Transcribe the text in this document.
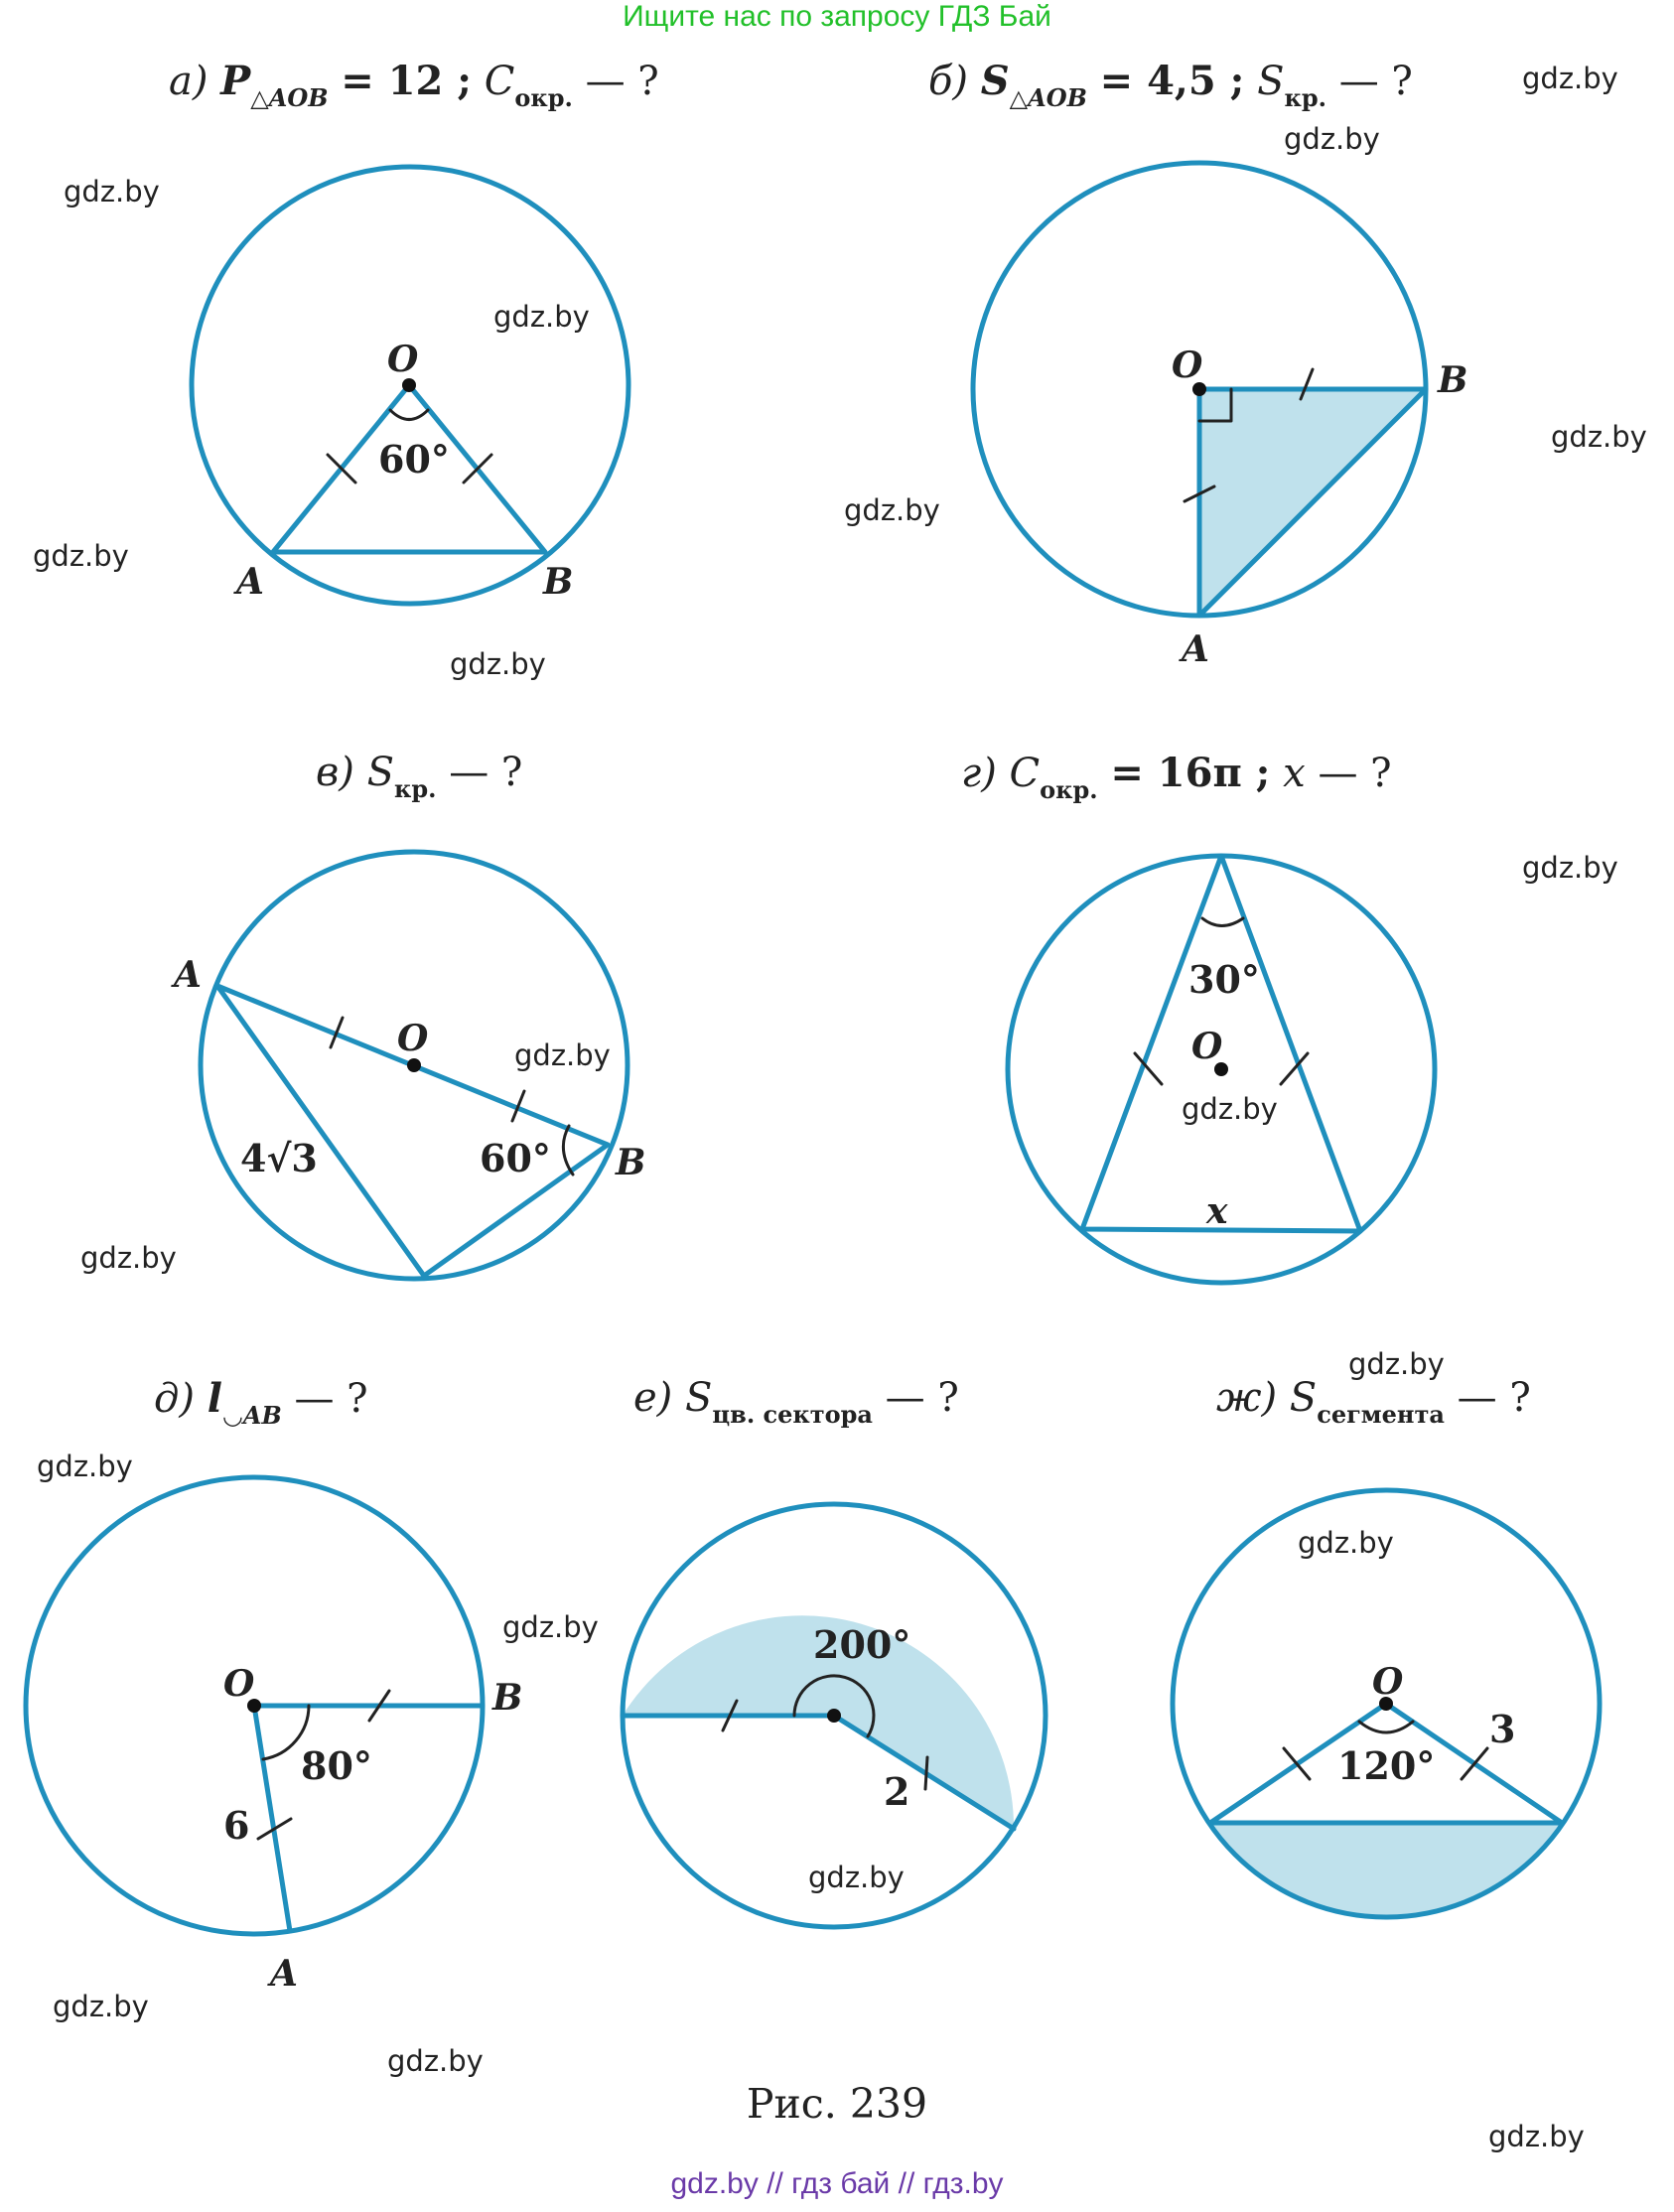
Ищите нас по запросу ГДЗ Бай
а) $P_{\triangle AOB} = 12$ ; $C_{окр.}$ — ?	б) $S_{\triangle AOB} = 4,5$ ; $S_{кр.}$ — ?
в) $S_{кр.}$ — ?	г) $C_{окр.} = 16\pi$ ; x — ?
д) $l_{◡AB}$ — ?	е) $S_{цв. сектора}$ — ?	ж) $S_{сегмента}$ — ?
O
A	B
O
A
B
O
A
B
O
x
O
A
B	O
60°
4√3	60°
30°
80°
6
200°
2
120°
3
gdz.by
gdz.by
gdz.by
gdz.by
gdz.by
gdz.by
gdz.by
gdz.by
gdz.by
gdz.by
gdz.by
gdz.by
gdz.by
gdz.by
gdz.by
gdz.by
gdz.by
gdz.by
gdz.by
gdz.by
Рис. 239
gdz.by // гдз бай // гдз.by
